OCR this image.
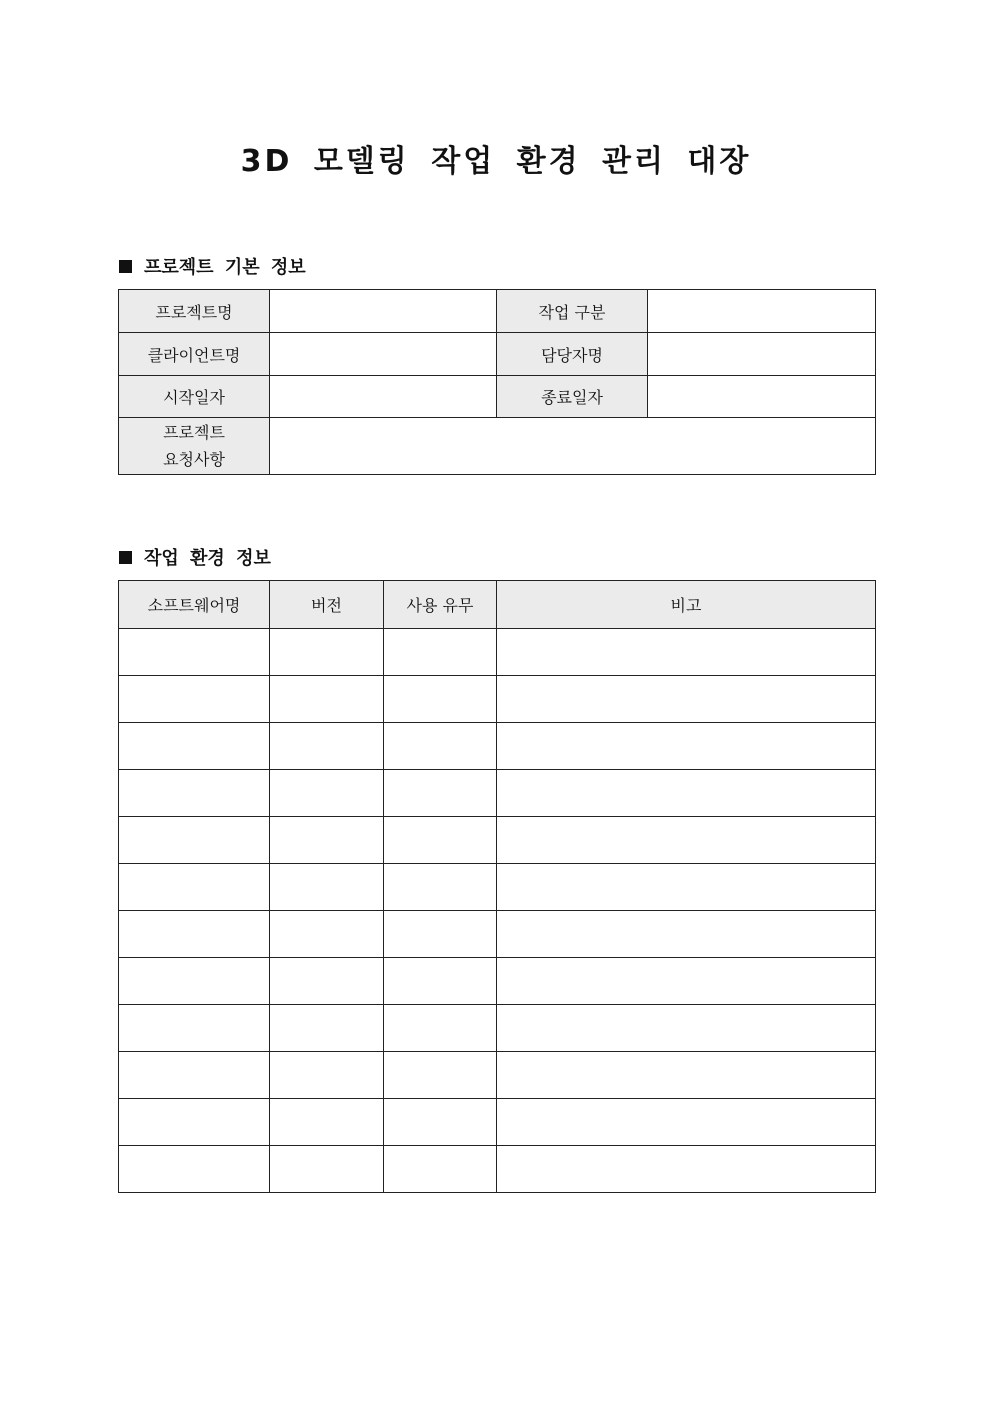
3D 모델링 작업 환경 관리 대장
프로젝트 기본 정보
프로젝트명		작업 구분	
클라이언트명		담당자명	
시작일자		종료일자	

프로젝트
요청사항			

작업 환경 정보
소프트웨어명	버전	사용 유무	비고
